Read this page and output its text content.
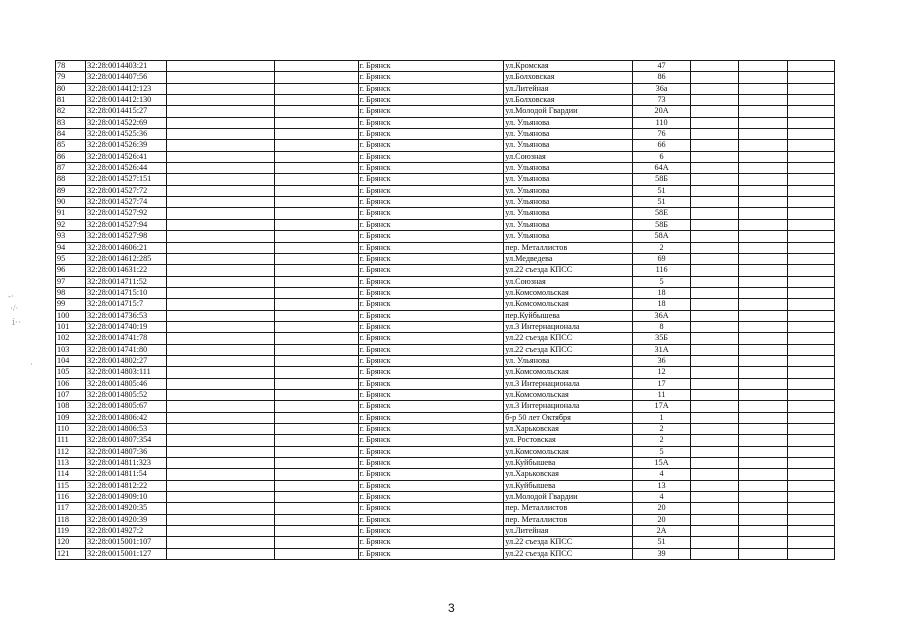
-·
·/·
ⅰ··
·
78	32:28:0014403:21			г. Брянск	ул.Кромская	47			
79	32:28:0014407:56			г. Брянск	ул.Болховская	86			
80	32:28:0014412:123			г. Брянск	ул.Литейная	36а			
81	32:28:0014412:130			г. Брянск	ул.Болховская	73			
82	32:28:0014415:27			г. Брянск	ул.Молодой Гвардии	20А			
83	32:28:0014522:69			г. Брянск	ул. Ульянова	110			
84	32:28:0014525:36			г. Брянск	ул. Ульянова	76			
85	32:28:0014526:39			г. Брянск	ул. Ульянова	66			
86	32:28:0014526:41			г. Брянск	ул.Союзная	6			
87	32:28:0014526:44			г. Брянск	ул. Ульянова	64А			
88	32:28:0014527:151			г. Брянск	ул. Ульянова	58Б			
89	32:28:0014527:72			г. Брянск	ул. Ульянова	51			
90	32:28:0014527:74			г. Брянск	ул. Ульянова	51			
91	32:28:0014527:92			г. Брянск	ул. Ульянова	58Е			
92	32:28:0014527:94			г. Брянск	ул. Ульянова	58Б			
93	32:28:0014527:98			г. Брянск	ул. Ульянова	58А			
94	32:28:0014606:21			г. Брянск	пер. Металлистов	2			
95	32:28:0014612:285			г. Брянск	ул.Медведева	69			
96	32:28:0014631:22			г. Брянск	ул.22 съезда КПСС	116			
97	32:28:0014711:52			г. Брянск	ул.Союзная	5			
98	32:28:0014715:10			г. Брянск	ул.Комсомольская	18			
99	32:28:0014715:7			г. Брянск	ул.Комсомольская	18			
100	32:28:0014736:53			г. Брянск	пер.Куйбышева	36А			
101	32:28:0014740:19			г. Брянск	ул.3 Интернационала	8			
102	32:28:0014741:78			г. Брянск	ул.22 съезда КПСС	35Б			
103	32:28:0014741:80			г. Брянск	ул.22 съезда КПСС	31А			
104	32:28:0014802:27			г. Брянск	ул. Ульянова	36			
105	32:28:0014803:111			г. Брянск	ул.Комсомольская	12			
106	32:28:0014805:46			г. Брянск	ул.3 Интернационала	17			
107	32:28:0014805:52			г. Брянск	ул.Комсомольская	11			
108	32:28:0014805:67			г. Брянск	ул.3 Интернационала	17А			
109	32:28:0014806:42			г. Брянск	б-р 50 лет Октября	1			
110	32:28:0014806:53			г. Брянск	ул.Харьковская	2			
111	32:28:0014807:354			г. Брянск	ул. Ростовская	2			
112	32:28:0014807:36			г. Брянск	ул.Комсомольская	5			
113	32:28:0014811:323			г. Брянск	ул.Куйбышева	15А			
114	32:28:0014811:54			г. Брянск	ул.Харьковская	4			
115	32:28:0014812:22			г. Брянск	ул.Куйбышева	13			
116	32:28:0014909:10			г. Брянск	ул.Молодой Гвардии	4			
117	32:28:0014920:35			г. Брянск	пер. Металлистов	20			
118	32:28:0014920:39			г. Брянск	пер. Металлистов	20			
119	32:28:0014927:2			г. Брянск	ул.Литейная	2А			
120	32:28:0015001:107			г. Брянск	ул.22 съезда КПСС	51			
121	32:28:0015001:127			г. Брянск	ул.22 съезда КПСС	39			
3
